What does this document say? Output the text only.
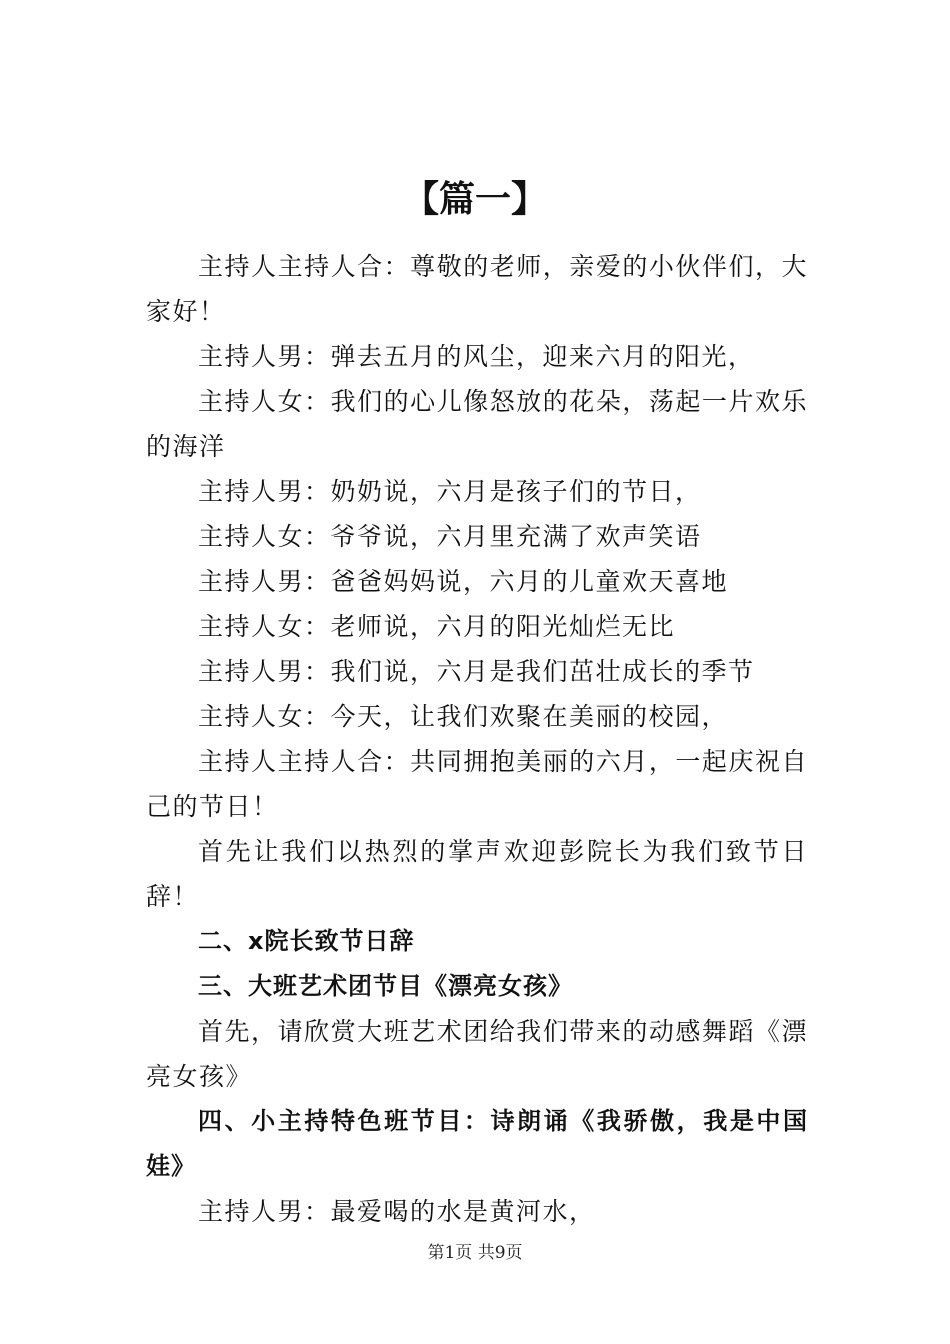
【篇一】

主持人主持人合：尊敬的老师，亲爱的小伙伴们，大家好！

主持人男：弹去五月的风尘，迎来六月的阳光，

主持人女：我们的心儿像怒放的花朵，荡起一片欢乐的海洋

主持人男：奶奶说，六月是孩子们的节日，

主持人女：爷爷说，六月里充满了欢声笑语

主持人男：爸爸妈妈说，六月的儿童欢天喜地

主持人女：老师说，六月的阳光灿烂无比

主持人男：我们说，六月是我们茁壮成长的季节

主持人女：今天，让我们欢聚在美丽的校园，

主持人主持人合：共同拥抱美丽的六月，一起庆祝自己的节日！

首先让我们以热烈的掌声欢迎彭院长为我们致节日辞！

二、x院长致节日辞

三、大班艺术团节目《漂亮女孩》

首先，请欣赏大班艺术团给我们带来的动感舞蹈《漂亮女孩》

四、小主持特色班节目：诗朗诵《我骄傲，我是中国娃》

主持人男：最爱喝的水是黄河水，

第1页 共9页
